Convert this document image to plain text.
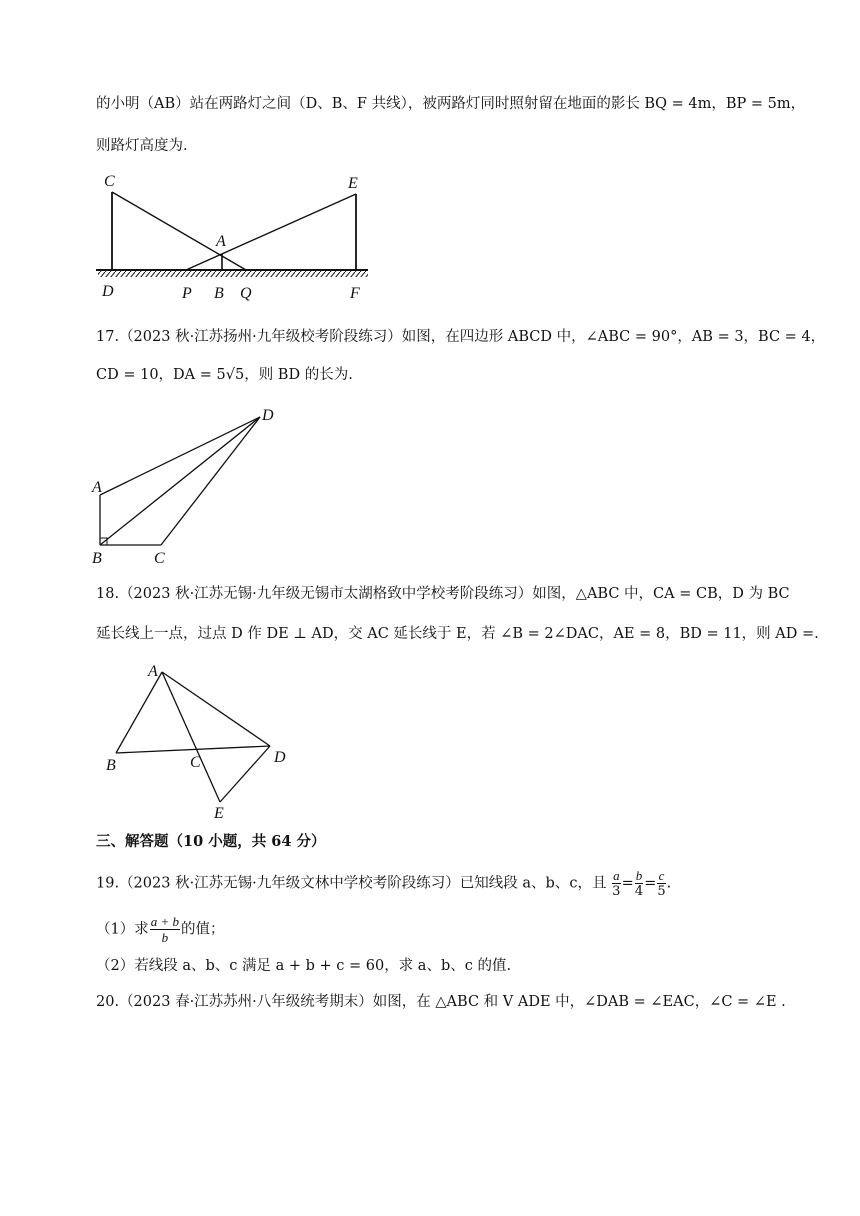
的小明（AB）站在两路灯之间（D、B、F 共线），被两路灯同时照射留在地面的影长 BQ = 4m，BP = 5m，
则路灯高度为.
C	E
A
D	P B Q	F
17.（2023 秋·江苏扬州·九年级校考阶段练习）如图，在四边形 ABCD 中，∠ABC = 90°，AB = 3，BC = 4，
CD = 10，DA = 5√5，则 BD 的长为.
D
A
B	C
18.（2023 秋·江苏无锡·九年级无锡市太湖格致中学校考阶段练习）如图，△ABC 中，CA = CB，D 为 BC
延长线上一点，过点 D 作 DE ⊥ AD，交 AC 延长线于 E，若 ∠B = 2∠DAC，AE = 8，BD = 11，则 AD =.
A
B	C	D
E
三、解答题（10 小题，共 64 分）
19.（2023 秋·江苏无锡·九年级文林中学校考阶段练习）已知线段 a、b、c，且 $\frac{a}{3} = \frac{b}{4} = \frac{c}{5}$ .
（1）求 $\frac{a + b}{b}$ 的值；
（2）若线段 a、b、c 满足 a + b + c = 60，求 a、b、c 的值.
20.（2023 春·江苏苏州·八年级统考期末）如图，在 △ABC 和 V ADE 中，∠DAB = ∠EAC，∠C = ∠E .
